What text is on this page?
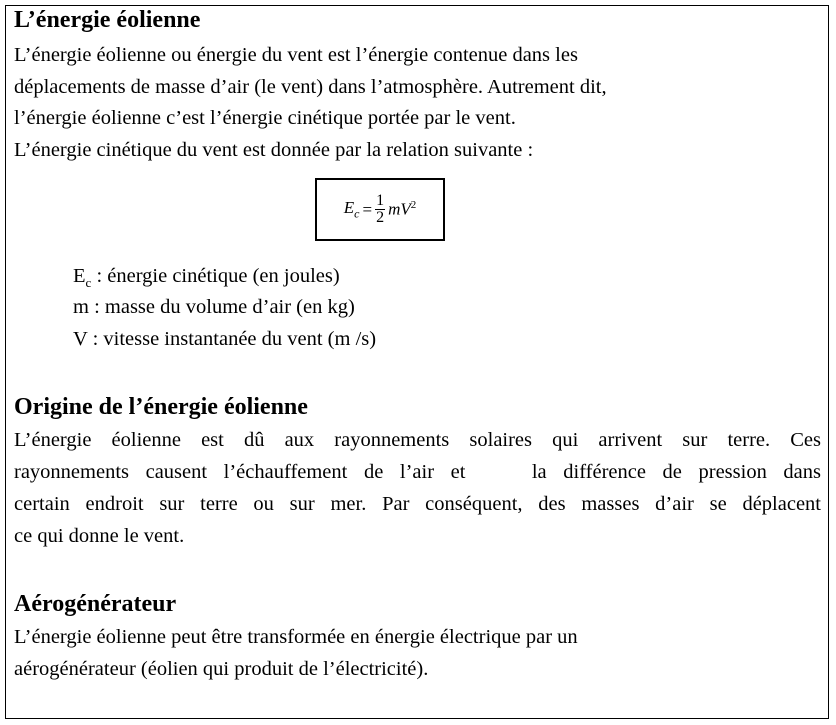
L’énergie éolienne
L’énergie éolienne ou énergie du vent est l’énergie contenue dans les
déplacements de masse d’air (le vent) dans l’atmosphère. Autrement dit,
l’énergie éolienne c’est l’énergie cinétique portée par le vent.
L’énergie cinétique du vent est donnée par la relation suivante :
$E_c = \frac{1}{2} mV^2$
$E_c$ : énergie cinétique (en joules)
m : masse du volume d’air (en kg)
V : vitesse instantanée du vent (m /s)
Origine de l’énergie éolienne
L’énergie éolienne est dû aux rayonnements solaires qui arrivent sur terre. Ces
rayonnements causent l’échauffement de l’air et    la différence de pression dans
certain endroit sur terre ou sur mer. Par conséquent, des masses d’air se déplacent
ce qui donne le vent.
Aérogénérateur
L’énergie éolienne peut être transformée en énergie électrique par un
aérogénérateur (éolien qui produit de l’électricité).
